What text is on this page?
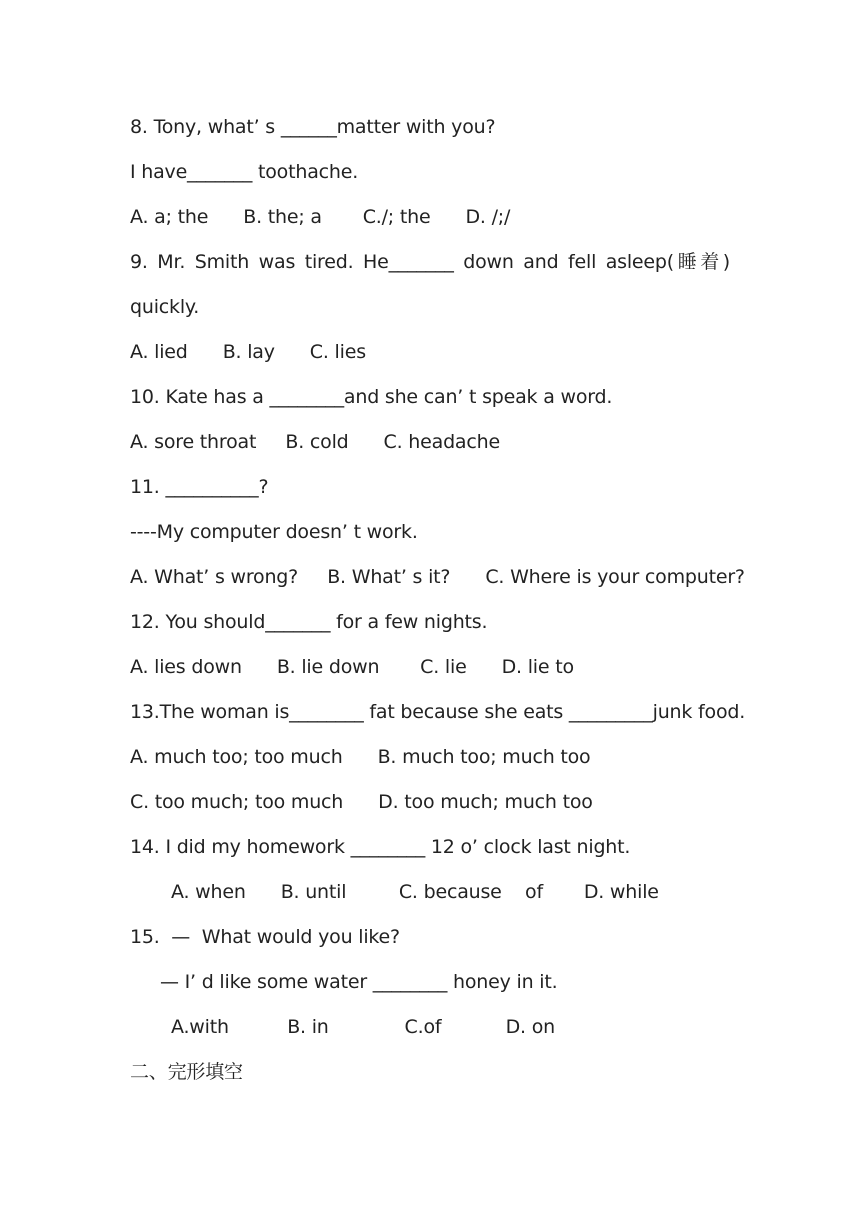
8. Tony, what’ s ______matter with you?
I have_______ toothache.
A. a; the      B. the; a       C./; the      D. /;/
9. Mr. Smith was tired. He_______ down and fell asleep(睡着)
quickly.
A. lied      B. lay      C. lies
10. Kate has a ________and she can’ t speak a word.
A. sore throat     B. cold      C. headache
11. __________?
----My computer doesn’ t work.
A. What’ s wrong?     B. What’ s it?      C. Where is your computer?
12. You should_______ for a few nights.
A. lies down      B. lie down       C. lie      D. lie to
13.The woman is________ fat because she eats _________junk food.
A. much too; too much      B. much too; much too
C. too much; too much      D. too much; much too
14. I did my homework ________ 12 o’ clock last night.
A. when      B. until         C. because    of       D. while
15.  —  What would you like?
— I’ d like some water ________ honey in it.
A.with          B. in             C.of           D. on
二、完形填空
